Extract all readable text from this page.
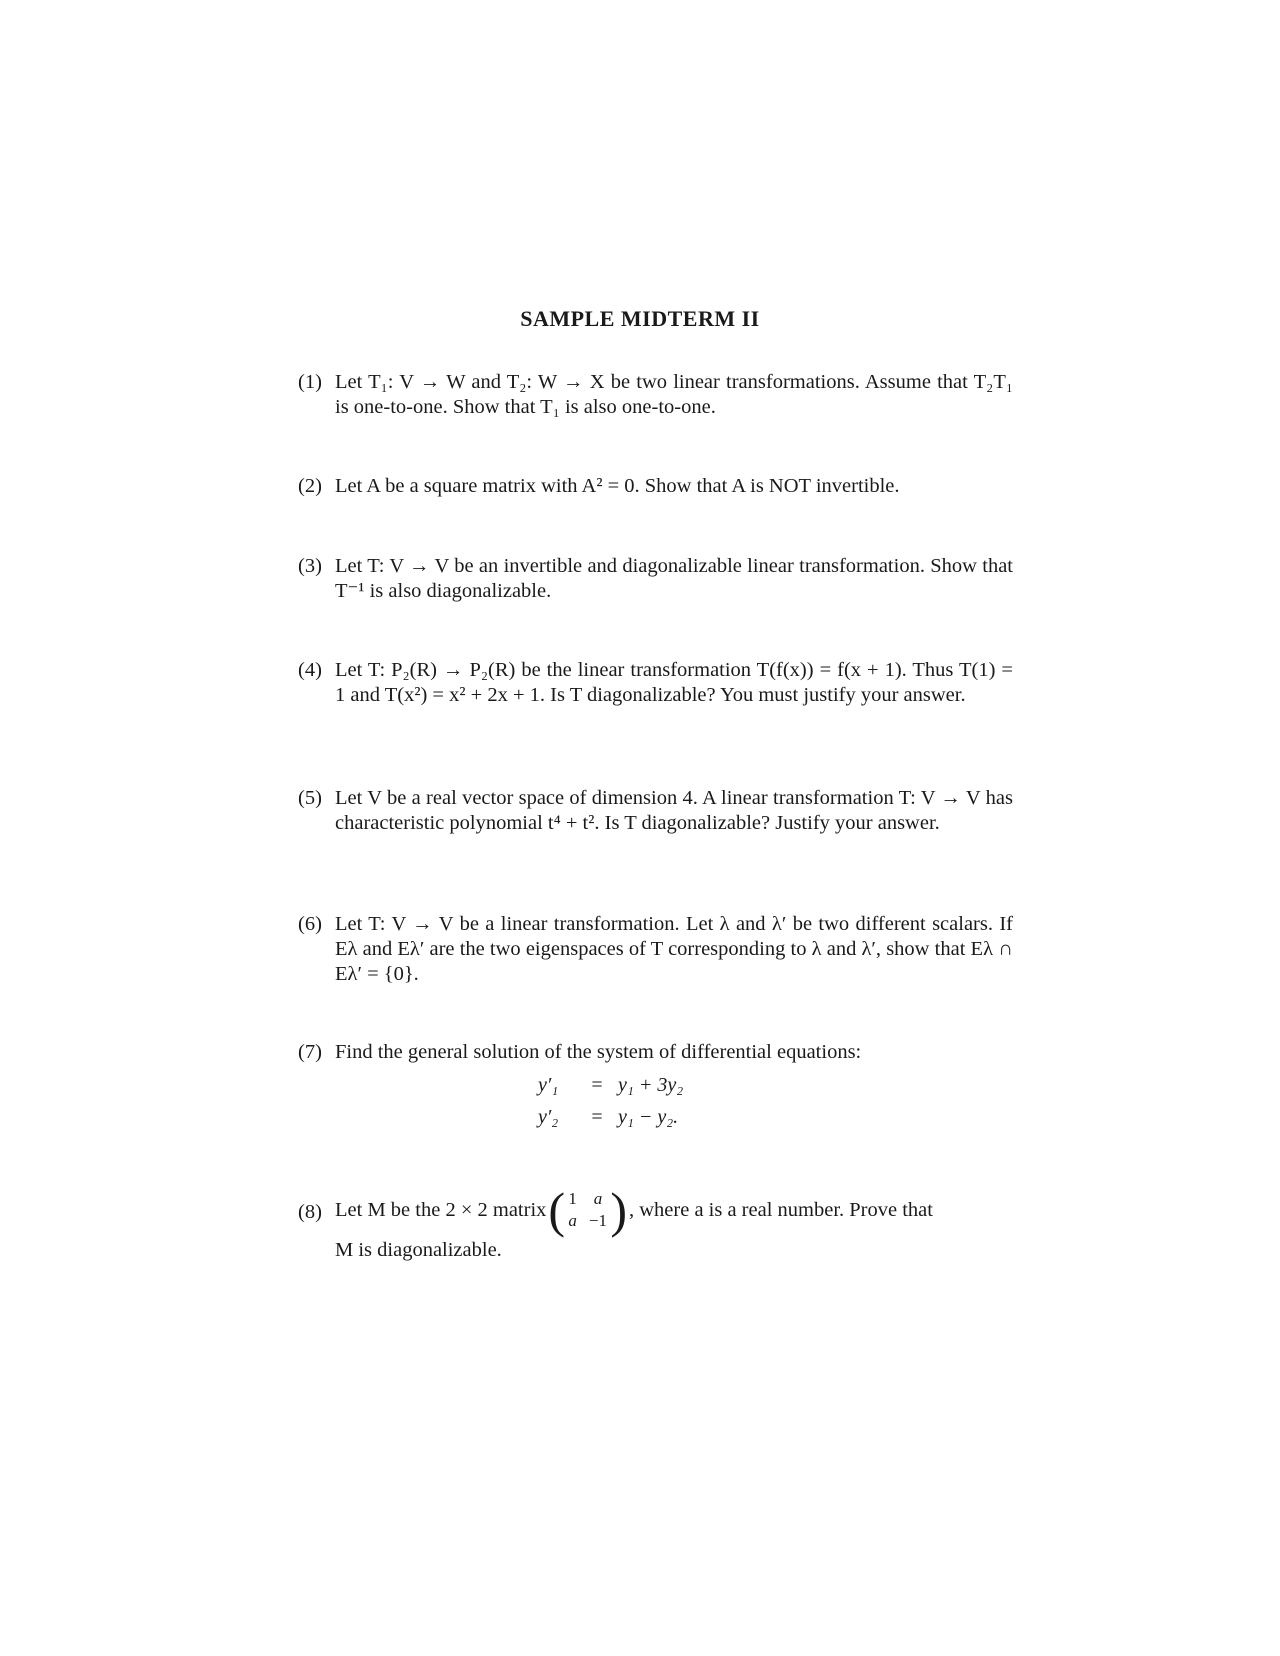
SAMPLE MIDTERM II
(1) Let T₁: V → W and T₂: W → X be two linear transformations. Assume that T₂T₁ is one-to-one. Show that T₁ is also one-to-one.
(2) Let A be a square matrix with A² = 0. Show that A is NOT invertible.
(3) Let T: V → V be an invertible and diagonalizable linear transformation. Show that T⁻¹ is also diagonalizable.
(4) Let T: P₂(R) → P₂(R) be the linear transformation T(f(x)) = f(x + 1). Thus T(1) = 1 and T(x²) = x² + 2x + 1. Is T diagonalizable? You must justify your answer.
(5) Let V be a real vector space of dimension 4. A linear transformation T: V → V has characteristic polynomial t⁴ + t². Is T diagonalizable? Justify your answer.
(6) Let T: V → V be a linear transformation. Let λ and λ′ be two different scalars. If Eλ and Eλ′ are the two eigenspaces of T corresponding to λ and λ′, show that Eλ ∩ Eλ′ = {0}.
(7) Find the general solution of the system of differential equations:
y′₁	= y₁ + 3y₂
y′₂	= y₁ − y₂.
(8) Let M be the 2 × 2 matrix ( 1	a
a	−1 ) , where a is a real number. Prove that
M is diagonalizable.
